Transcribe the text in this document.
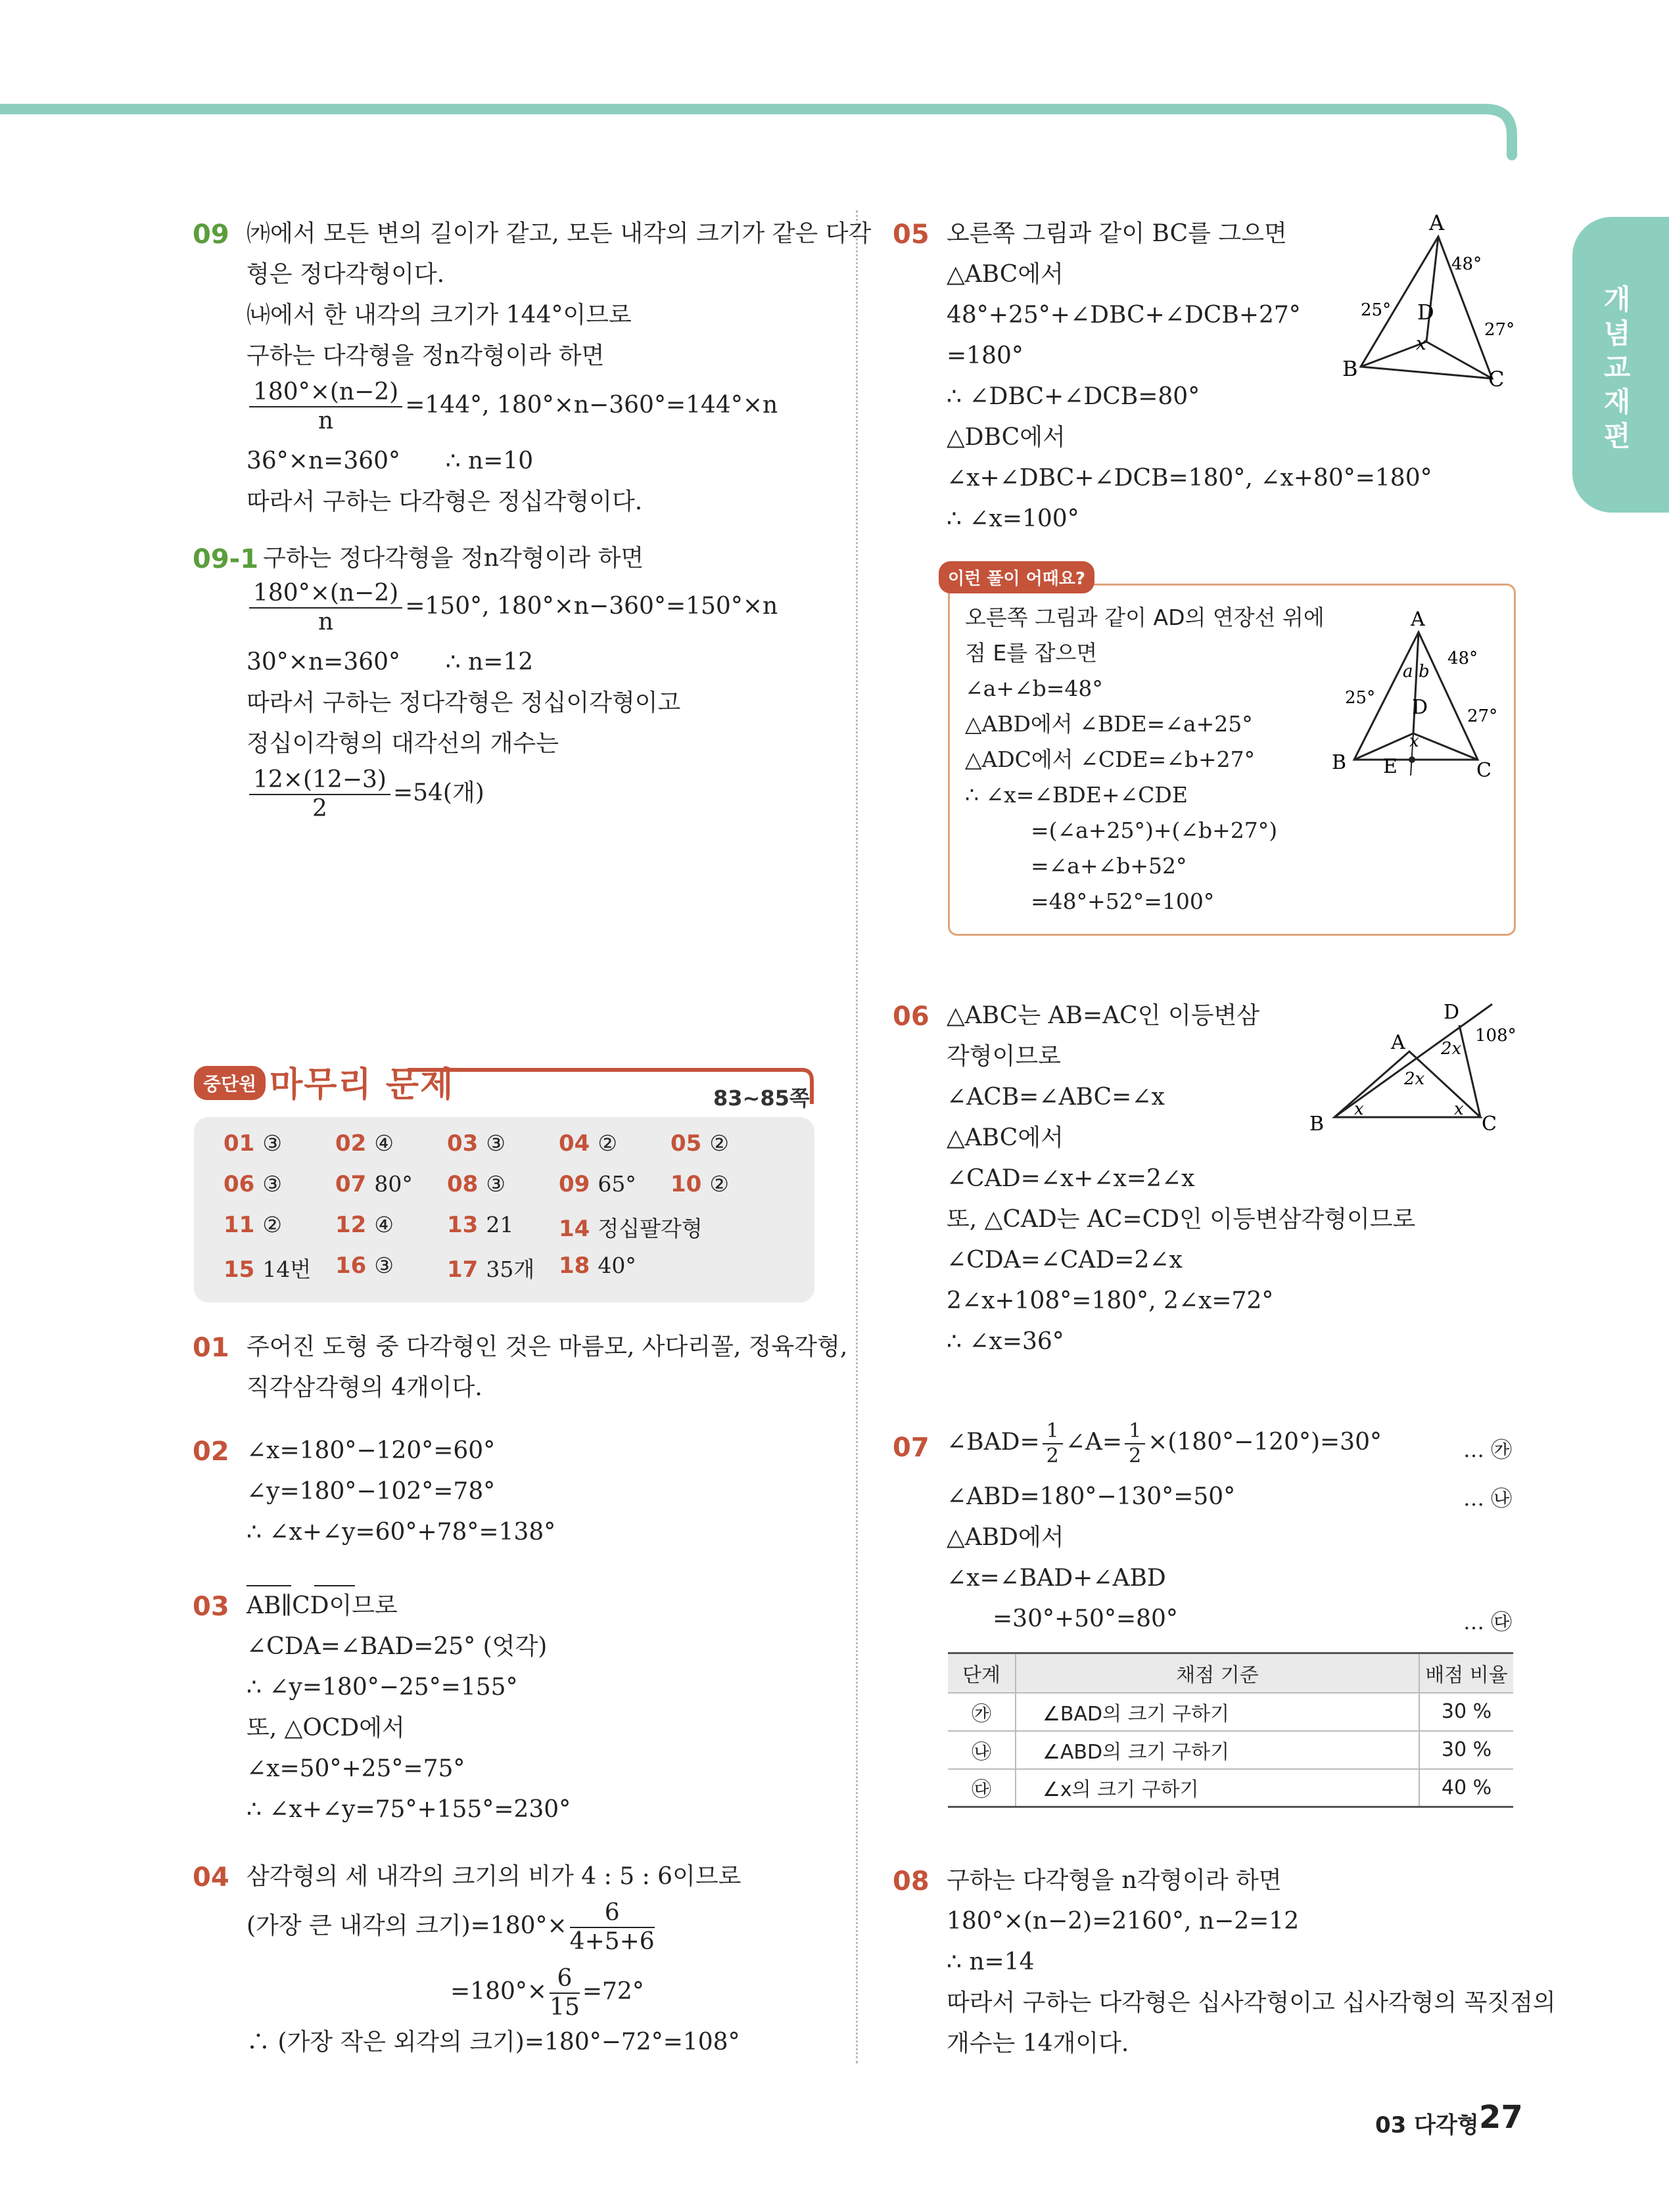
개념교재편
09 ㈎에서 모든 변의 길이가 같고, 모든 내각의 크기가 같은 다각
형은 정다각형이다.
㈏에서 한 내각의 크기가 144°이므로
구하는 다각형을 정n각형이라 하면
$\frac{180^\circ\times(n-2)}{n} =144^\circ$, 180°×n−360°=144°×n
36°×n=360°      ∴ n=10
따라서 구하는 다각형은 정십각형이다.
09-1 구하는 정다각형을 정n각형이라 하면
$\frac{180^\circ\times(n-2)}{n} =150^\circ$, 180°×n−360°=150°×n
30°×n=360°      ∴ n=12
따라서 구하는 정다각형은 정십이각형이고
정십이각형의 대각선의 개수는
$\frac{12\times(12-3)}{2} =54$(개)
중단원 마무리 문제	83~85쪽
01 ③ 02 ④ 03 ③ 04 ② 05 ②
06 ③ 07 80° 08 ③ 09 65° 10 ②
11 ② 12 ④ 13 21 14 정십팔각형
15 14번 16 ③ 17 35개 18 40°
01 주어진 도형 중 다각형인 것은 마름모, 사다리꼴, 정육각형,
직각삼각형의 4개이다.
02 ∠x=180°−120°=60°
∠y=180°−102°=78°
∴ ∠x+∠y=60°+78°=138°
03 AB∥CD이므로
∠CDA=∠BAD=25° (엇각)
∴ ∠y=180°−25°=155°
또, △OCD에서
∠x=50°+25°=75°
∴ ∠x+∠y=75°+155°=230°
04 삼각형의 세 내각의 크기의 비가 4 : 5 : 6이므로
(가장 큰 내각의 크기)$=180^\circ\times \frac{6}{4+5+6}$
$=180^\circ\times \frac{6}{15} =72^\circ$
∴ (가장 작은 외각의 크기)=180°−72°=108°
05 오른쪽 그림과 같이 BC를 그으면
△ABC에서
48°+25°+∠DBC+∠DCB+27°
=180°
∴ ∠DBC+∠DCB=80°
△DBC에서
∠x+∠DBC+∠DCB=180°, ∠x+80°=180°
∴ ∠x=100°
A
B	C
D
x
48°
25°
27°
이런 풀이 어때요?
오른쪽 그림과 같이 AD의 연장선 위에
점 E를 잡으면
∠a+∠b=48°
△ABD에서 ∠BDE=∠a+25°
△ADC에서 ∠CDE=∠b+27°
∴ ∠x=∠BDE+∠CDE
=(∠a+25°)+(∠b+27°)
=∠a+∠b+52°
=48°+52°=100°
A
B	C
D
E
x
a b
48°
25°
27°
06 △ABC는 AB=AC인 이등변삼
각형이므로
∠ACB=∠ABC=∠x
△ABC에서
∠CAD=∠x+∠x=2∠x
또, △CAD는 AC=CD인 이등변삼각형이므로
∠CDA=∠CAD=2∠x
2∠x+108°=180°, 2∠x=72°
∴ ∠x=36°
B
A
C
D
x	x
2x
2x
108°
07 ∠BAD= $\frac{1}{2}$ ∠A= $\frac{1}{2} \times(180^\circ-120^\circ)=30^\circ$	… ㉮
∠ABD=180°−130°=50°	… ㉯
△ABD에서
∠x=∠BAD+∠ABD
=30°+50°=80°	… ㉰
단계	채점 기준	배점 비율
㉮	∠BAD의 크기 구하기	30 %
㉯	∠ABD의 크기 구하기	30 %
㉰	∠x의 크기 구하기	40 %
08 구하는 다각형을 n각형이라 하면
180°×(n−2)=2160°, n−2=12
∴ n=14
따라서 구하는 다각형은 십사각형이고 십사각형의 꼭짓점의
개수는 14개이다.
03 다각형 27
